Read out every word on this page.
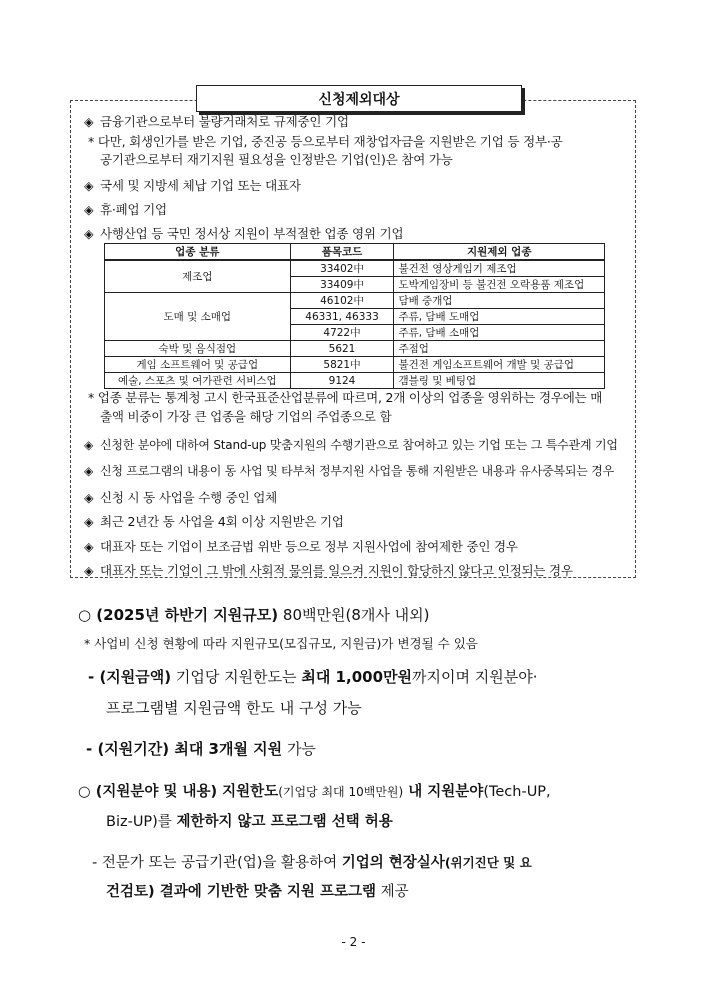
신청제외대상
◈ 금융기관으로부터 불량거래처로 규제중인 기업
* 다만, 회생인가를 받은 기업, 중진공 등으로부터 재창업자금을 지원받은 기업 등 정부·공
공기관으로부터 재기지원 필요성을 인정받은 기업(인)은 참여 가능
◈ 국세 및 지방세 체납 기업 또는 대표자
◈ 휴·폐업 기업
◈ 사행산업 등 국민 정서상 지원이 부적절한 업종 영위 기업
업종 분류	품목코드	지원제외 업종
제조업	33402中	불건전 영상게임기 제조업
	33409中	도박게임장비 등 불건전 오락용품 제조업
도매 및 소매업	46102中	담배 중개업
	46331, 46333	주류, 담배 도매업
	4722中	주류, 담배 소매업
숙박 및 음식점업	5621	주점업
게임 소프트웨어 및 공급업	5821中	불건전 게임소프트웨어 개발 및 공급업
예술, 스포츠 및 여가관련 서비스업	9124	갬블링 및 베팅업
* 업종 분류는 통계청 고시 한국표준산업분류에 따르며, 2개 이상의 업종을 영위하는 경우에는 매
출액 비중이 가장 큰 업종을 해당 기업의 주업종으로 함
◈ 신청한 분야에 대하여 Stand-up 맞춤지원의 수행기관으로 참여하고 있는 기업 또는 그 특수관계 기업
◈ 신청 프로그램의 내용이 동 사업 및 타부처 정부지원 사업을 통해 지원받은 내용과 유사중복되는 경우
◈ 신청 시 동 사업을 수행 중인 업체
◈ 최근 2년간 동 사업을 4회 이상 지원받은 기업
◈ 대표자 또는 기업이 보조금법 위반 등으로 정부 지원사업에 참여제한 중인 경우
◈ 대표자 또는 기업이 그 밖에 사회적 물의를 일으켜 지원이 합당하지 않다고 인정되는 경우
○ (2025년 하반기 지원규모) 80백만원(8개사 내외)
* 사업비 신청 현황에 따라 지원규모(모집규모, 지원금)가 변경될 수 있음
- (지원금액) 기업당 지원한도는 최대 1,000만원까지이며 지원분야·
프로그램별 지원금액 한도 내 구성 가능
- (지원기간) 최대 3개월 지원 가능
○ (지원분야 및 내용) 지원한도(기업당 최대 10백만원) 내 지원분야(Tech-UP,
Biz-UP)를 제한하지 않고 프로그램 선택 허용
- 전문가 또는 공급기관(업)을 활용하여 기업의 현장실사(위기진단 및 요
건검토) 결과에 기반한 맞춤 지원 프로그램 제공
- 2 -
